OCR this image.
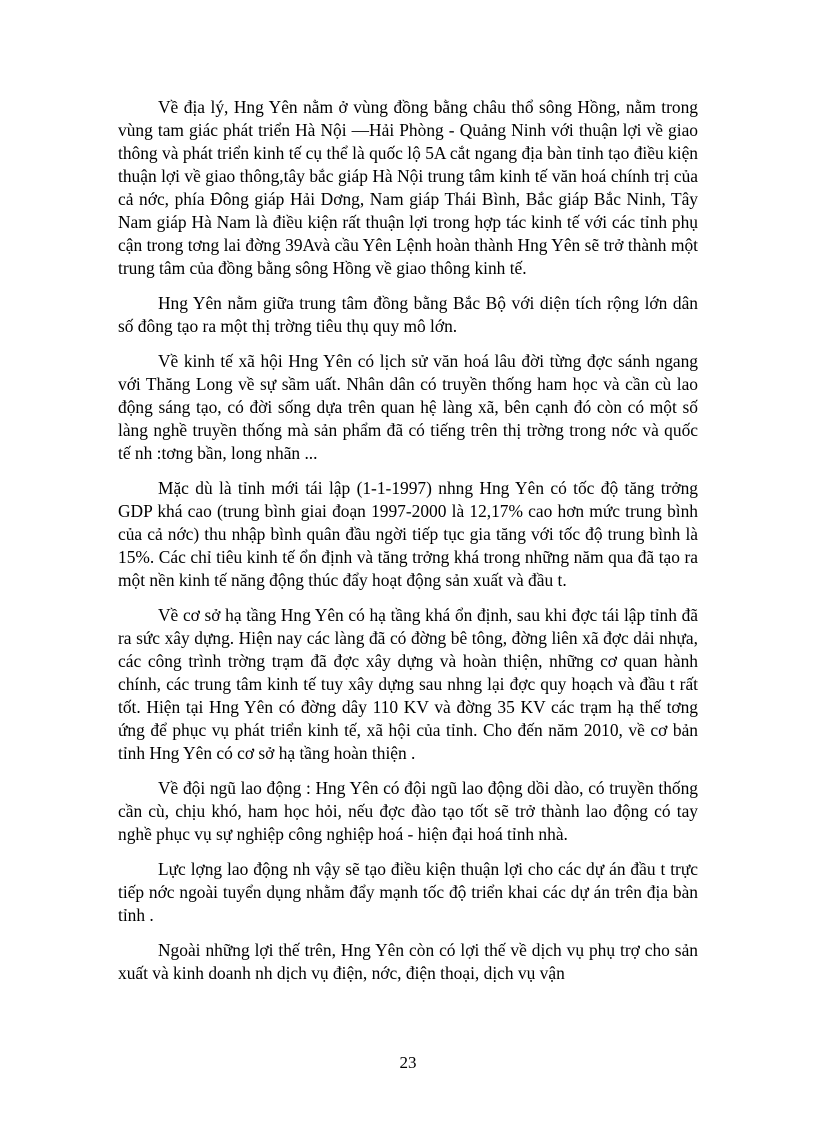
Về địa lý, Hng Yên nằm ở vùng đồng bằng châu thổ sông Hồng, nằm trong vùng tam giác phát triển Hà Nội —Hải Phòng - Quảng Ninh với thuận lợi về giao thông và phát triển kinh tế cụ thể là quốc lộ 5A cắt ngang địa bàn tỉnh tạo điều kiện thuận lợi về giao thông,tây bắc giáp Hà Nội trung tâm kinh tế văn hoá chính trị của cả nớc, phía Đông giáp Hải Dơng, Nam giáp Thái Bình, Bắc giáp Bắc Ninh, Tây Nam giáp Hà Nam là điều kiện rất thuận lợi trong hợp tác kinh tế với các tỉnh phụ cận trong tơng lai đờng 39Avà cầu Yên Lệnh hoàn thành Hng Yên sẽ trở thành một trung tâm của đồng bằng sông Hồng về giao thông kinh tế.

Hng Yên nằm giữa trung tâm đồng bằng Bắc Bộ với diện tích rộng lớn dân số đông tạo ra một thị trờng tiêu thụ quy mô lớn.

Về kinh tế xã hội Hng Yên có lịch sử văn hoá lâu đời từng đợc sánh ngang với Thăng Long về sự sầm uất. Nhân dân có truyền thống ham học và cần cù lao động sáng tạo, có đời sống dựa trên quan hệ làng xã, bên cạnh đó còn có một số làng nghề truyền thống mà sản phẩm đã có tiếng trên thị trờng trong nớc và quốc tế nh :tơng bần, long nhãn ...

Mặc dù là tỉnh mới tái lập (1-1-1997) nhng Hng Yên có tốc độ tăng trởng GDP khá cao (trung bình giai đoạn 1997-2000 là 12,17% cao hơn mức trung bình của cả nớc) thu nhập bình quân đầu ngời tiếp tục gia tăng với tốc độ trung bình là 15%. Các chỉ tiêu kinh tế ổn định và tăng trởng khá trong những năm qua đã tạo ra một nền kinh tế năng động thúc đẩy hoạt động sản xuất và đầu t.

Về cơ sở hạ tầng Hng Yên có hạ tầng khá ổn định, sau khi đợc tái lập tỉnh đã ra sức xây dựng. Hiện nay các làng đã có đờng bê tông, đờng liên xã đợc dải nhựa, các công trình trờng trạm đã đợc xây dựng và hoàn thiện, những cơ quan hành chính, các trung tâm kinh tế tuy xây dựng sau nhng lại đợc quy hoạch và đầu t rất tốt. Hiện tại Hng Yên có đờng dây 110 KV và đờng 35 KV các trạm hạ thế tơng ứng để phục vụ phát triển kinh tế, xã hội của tỉnh. Cho đến năm 2010, về cơ bản tỉnh Hng Yên có cơ sở hạ tầng hoàn thiện .

Về đội ngũ lao động : Hng Yên có đội ngũ lao động dồi dào, có truyền thống cần cù, chịu khó, ham học hỏi, nếu đợc đào tạo tốt sẽ trở thành lao động có tay nghề phục vụ sự nghiệp công nghiệp hoá - hiện đại hoá tỉnh nhà.

Lực lợng lao động nh vậy sẽ tạo điều kiện thuận lợi cho các dự án đầu t trực tiếp nớc ngoài tuyển dụng nhằm đẩy mạnh tốc độ triển khai các dự án trên địa bàn tỉnh .

Ngoài những lợi thế trên, Hng Yên còn có lợi thế về dịch vụ phụ trợ cho sản xuất và kinh doanh nh dịch vụ điện, nớc, điện thoại, dịch vụ vận

23
